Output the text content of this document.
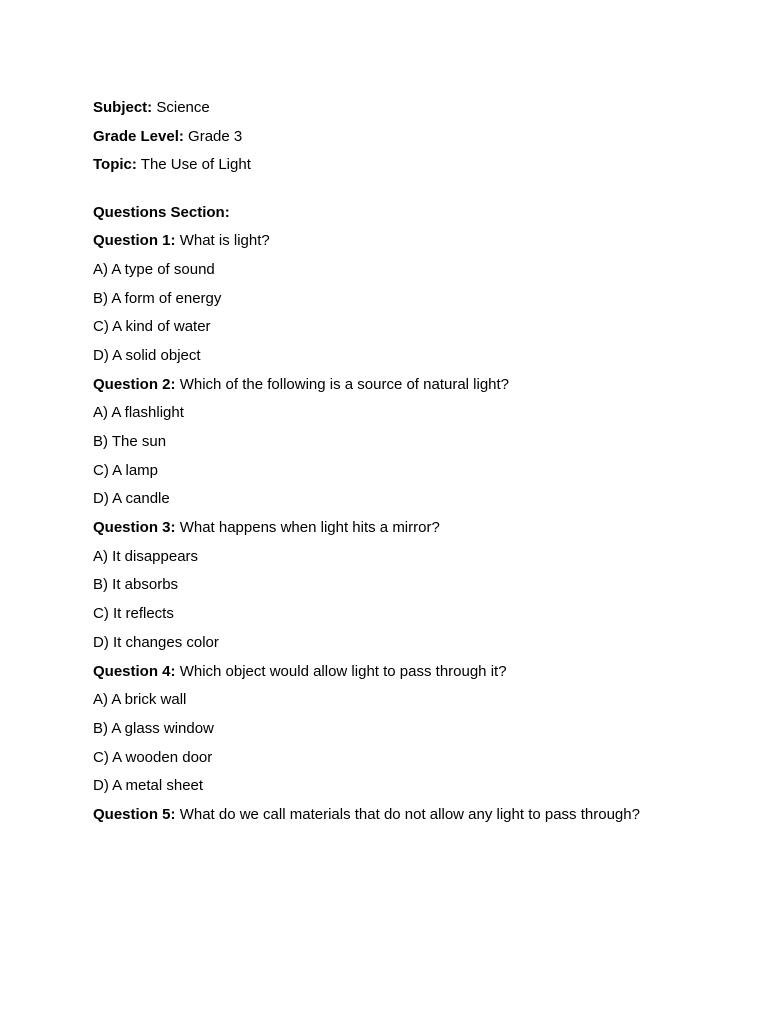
Subject: Science
Grade Level: Grade 3
Topic: The Use of Light
Questions Section:
Question 1: What is light?
A) A type of sound
B) A form of energy
C) A kind of water
D) A solid object
Question 2: Which of the following is a source of natural light?
A) A flashlight
B) The sun
C) A lamp
D) A candle
Question 3: What happens when light hits a mirror?
A) It disappears
B) It absorbs
C) It reflects
D) It changes color
Question 4: Which object would allow light to pass through it?
A) A brick wall
B) A glass window
C) A wooden door
D) A metal sheet
Question 5: What do we call materials that do not allow any light to pass through?
